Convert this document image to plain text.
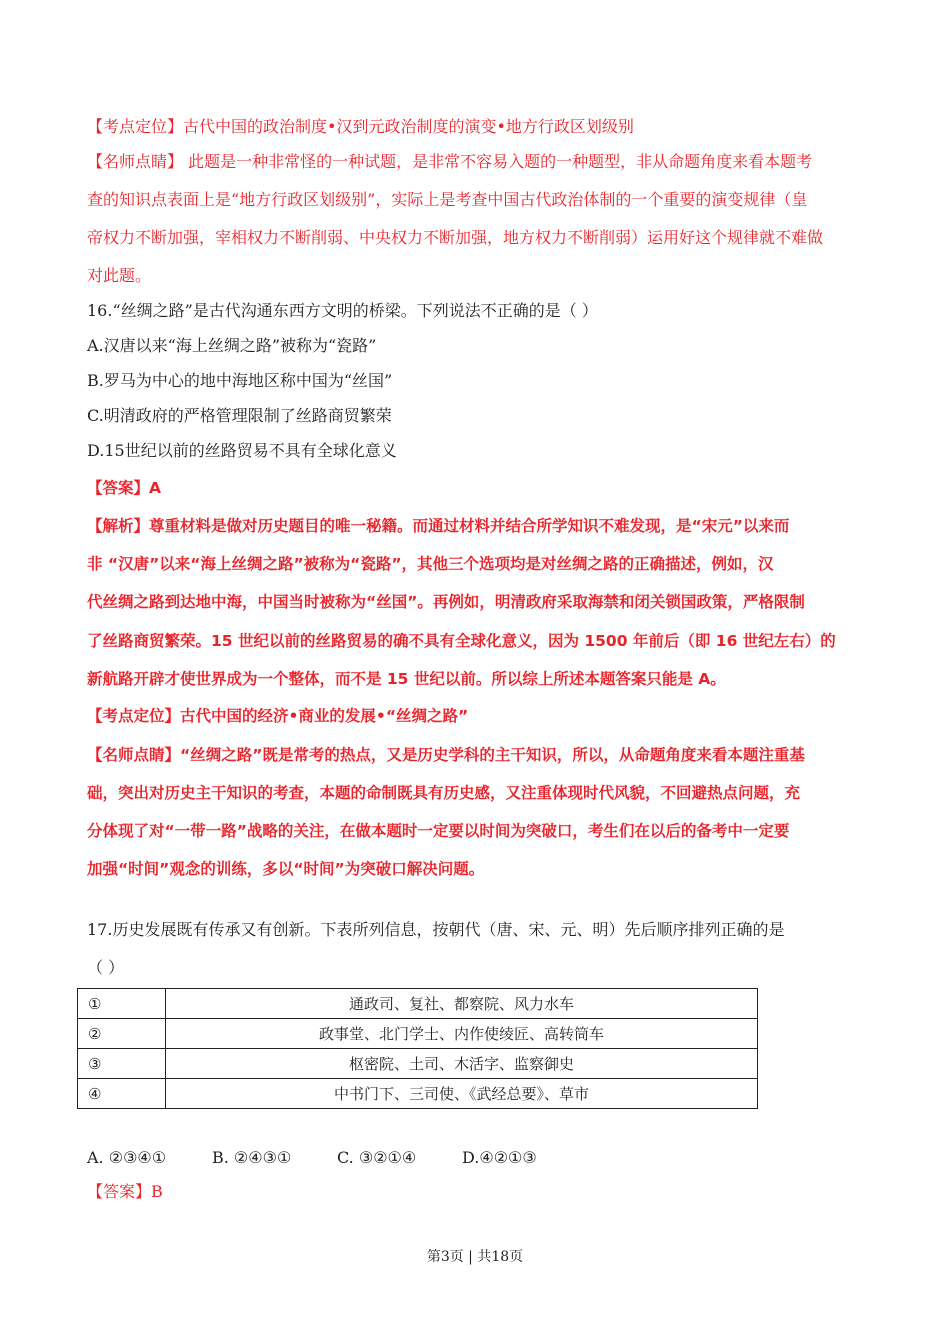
【考点定位】古代中国的政治制度•汉到元政治制度的演变•地方行政区划级别
【名师点睛】 此题是一种非常怪的一种试题，是非常不容易入题的一种题型，非从命题角度来看本题考
查的知识点表面上是“地方行政区划级别”，实际上是考查中国古代政治体制的一个重要的演变规律（皇
帝权力不断加强，宰相权力不断削弱、中央权力不断加强，地方权力不断削弱）运用好这个规律就不难做
对此题。
16.“丝绸之路”是古代沟通东西方文明的桥梁。下列说法不正确的是（ ）
A.汉唐以来“海上丝绸之路”被称为“瓷路”
B.罗马为中心的地中海地区称中国为“丝国”
C.明清政府的严格管理限制了丝路商贸繁荣
D.15世纪以前的丝路贸易不具有全球化意义
【答案】A
【解析】尊重材料是做对历史题目的唯一秘籍。而通过材料并结合所学知识不难发现，是“宋元”以来而
非 “汉唐”以来“海上丝绸之路”被称为“瓷路”，其他三个选项均是对丝绸之路的正确描述，例如，汉
代丝绸之路到达地中海，中国当时被称为“丝国”。再例如，明清政府采取海禁和闭关锁国政策，严格限制
了丝路商贸繁荣。15 世纪以前的丝路贸易的确不具有全球化意义，因为 1500 年前后（即 16 世纪左右）的
新航路开辟才使世界成为一个整体，而不是 15 世纪以前。所以综上所述本题答案只能是 A。
【考点定位】古代中国的经济•商业的发展•“丝绸之路”
【名师点睛】“丝绸之路”既是常考的热点，又是历史学科的主干知识，所以，从命题角度来看本题注重基
础，突出对历史主干知识的考查，本题的命制既具有历史感，又注重体现时代风貌，不回避热点问题，充
分体现了对“一带一路”战略的关注，在做本题时一定要以时间为突破口，考生们在以后的备考中一定要
加强“时间”观念的训练，多以“时间”为突破口解决问题。
17.历史发展既有传承又有创新。下表所列信息，按朝代（唐、宋、元、明）先后顺序排列正确的是
（ ）
①	通政司、复社、都察院、风力水车
②	政事堂、北门学士、内作使绫匠、高转筒车
③	枢密院、土司、木活字、监察御史
④	中书门下、三司使、《武经总要》、草市
A. ②③④①	B. ②④③①	C. ③②①④	D.④②①③
【答案】B
第3页 | 共18页
